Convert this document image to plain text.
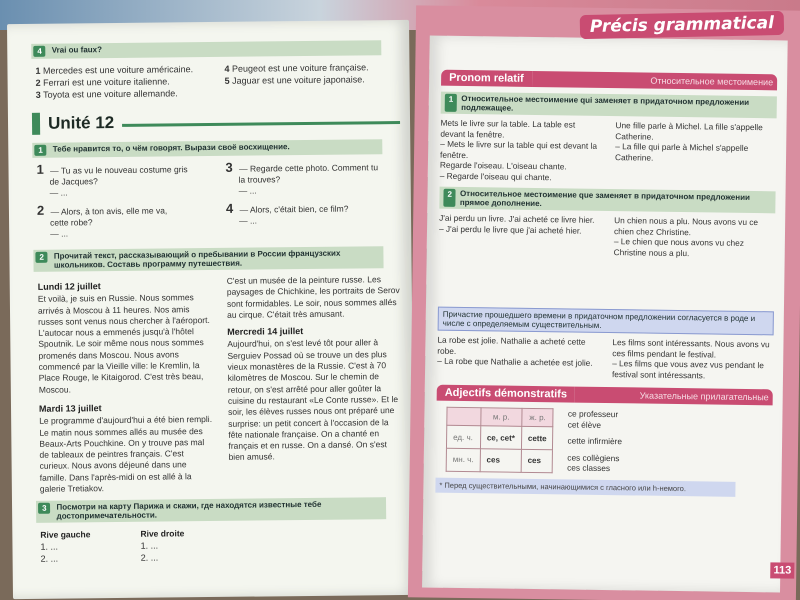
4	Vrai ou faux?
1 Mercedes est une voiture américaine.
2 Ferrari est une voiture italienne.
3 Toyota est une voiture allemande.
4 Peugeot est une voiture française.
5 Jaguar est une voiture japonaise.
Unité 12
1	Тебе нравится то, о чём говорят. Вырази своё восхищение.
1 — Tu as vu le nouveau costume gris
de Jacques?
— ...
2 — Alors, à ton avis, elle me va,
cette robe?
— ...
3 — Regarde cette photo. Comment tu
la trouves?
— ...
4 — Alors, c'était bien, ce film?
— ...
2	Прочитай текст, рассказывающий о пребывании в России французских школьников. Составь программу путешествия.
Lundi 12 juillet

Et voilà, je suis en Russie. Nous sommes arrivés à Moscou à 11 heures. Nos amis russes sont venus nous chercher à l'aéroport. L'autocar nous a emmenés jusqu'à l'hôtel Spoutnik. Le soir même nous nous sommes promenés dans Moscou. Nous avons commencé par la Vieille ville: le Kremlin, la Place Rouge, le Kitaigorod. C'est très beau, Moscou.

Mardi 13 juillet

Le programme d'aujourd'hui a été bien rempli. Le matin nous sommes allés au musée des Beaux-Arts Pouchkine. On y trouve pas mal de tableaux de peintres français. C'est curieux. Nous avons déjeuné dans une famille. Dans l'après-midi on est allé à la galerie Tretiakov.

C'est un musée de la peinture russe. Les paysages de Chichkine, les portraits de Serov sont formidables. Le soir, nous sommes allés au cirque. C'était très amusant.

Mercredi 14 juillet

Aujourd'hui, on s'est levé tôt pour aller à Serguiev Possad où se trouve un des plus vieux monastères de la Russie. C'est à 70 kilomètres de Moscou. Sur le chemin de retour, on s'est arrêté pour aller goûter la cuisine du restaurant «Le Conte russe». Et le soir, les élèves russes nous ont préparé une surprise: un petit concert à l'occasion de la fête nationale française. On a chanté en français et en russe. On a dansé. On s'est bien amusé.

3	Посмотри на карту Парижа и скажи, где находятся известные тебе достопримечательности.
Rive gauche
1. ...
2. ...
Rive droite
1. ...
2. ...
Précis grammatical
Pronom relatif	Относительное местоимение
1 Относительное местоимение qui заменяет в придаточном предложении подлежащее.
Mets le livre sur la table. La table est devant la fenêtre.
– Mets le livre sur la table qui est devant la fenêtre.
Regarde l'oiseau. L'oiseau chante.
– Regarde l'oiseau qui chante.
Une fille parle à Michel. La fille s'appelle Catherine.
– La fille qui parle à Michel s'appelle Catherine.
2 Относительное местоимение que заменяет в придаточном предложении прямое дополнение.
J'ai perdu un livre. J'ai acheté ce livre hier.
– J'ai perdu le livre que j'ai acheté hier.
Un chien nous a plu. Nous avons vu ce chien chez Christine.
– Le chien que nous avons vu chez Christine nous a plu.
Причастие прошедшего времени в придаточном предложении согласуется в роде и числе с определяемым существительным.
La robe est jolie. Nathalie a acheté cette robe.
– La robe que Nathalie a achetée est jolie.
Les films sont intéressants. Nous avons vu ces films pendant le festival.
– Les films que vous avez vus pendant le festival sont intéressants.
Adjectifs démonstratifs	Указательные прилагательные
	м. р.	ж. р.
ед. ч.	ce, cet*	cette
мн. ч.	ces	ces
ce professeur
cet élève
cette infirmière
ces collègiens
ces classes
* Перед существительными, начинающимися с гласного или h-немого.
113
